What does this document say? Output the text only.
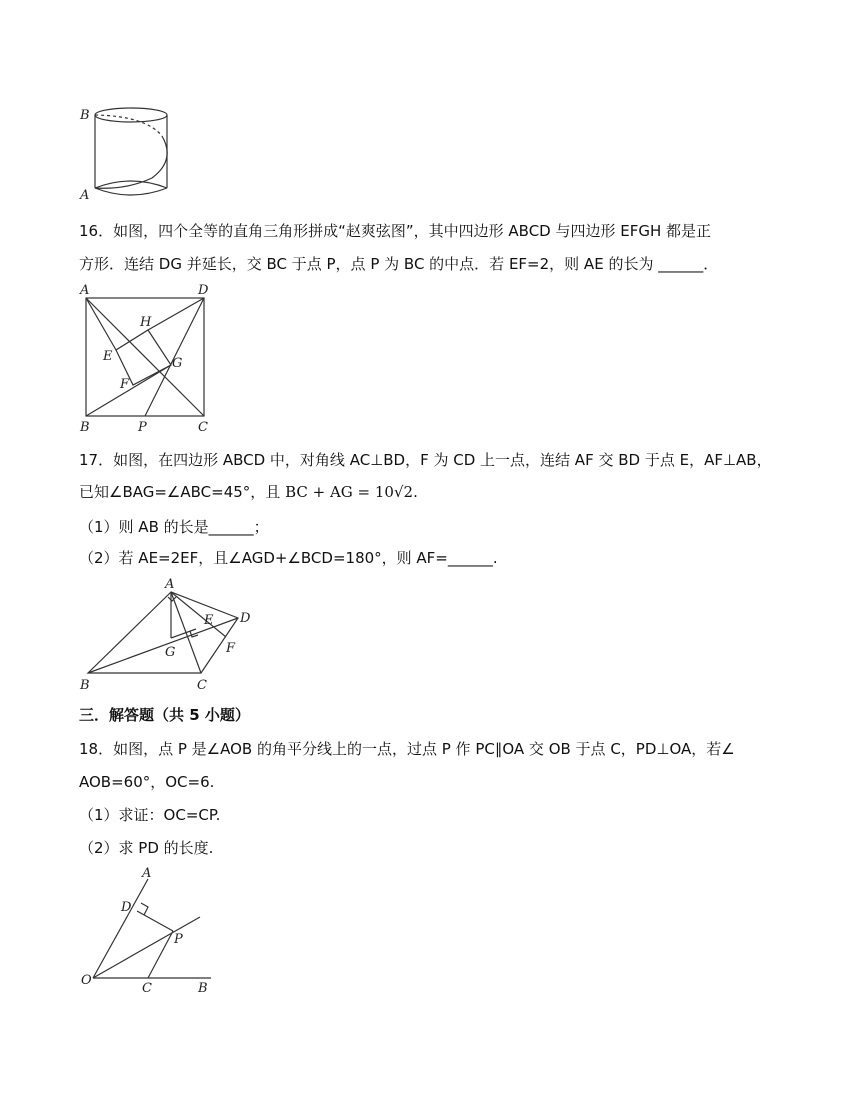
B
A
16．如图，四个全等的直角三角形拼成“赵爽弦图”，其中四边形 ABCD 与四边形 EFGH 都是正
方形．连结 DG 并延长，交 BC 于点 P，点 P 为 BC 的中点．若 EF=2，则 AE 的长为 ______．
A	D
H
E	G
F
B	P	C
17．如图，在四边形 ABCD 中，对角线 AC⊥BD，F 为 CD 上一点，连结 AF 交 BD 于点 E，AF⊥AB，
已知∠BAG=∠ABC=45°，且 BC + AG = 10√2.
（1）则 AB 的长是______；
（2）若 AE=2EF，且∠AGD+∠BCD=180°，则 AF=______.
A
E D
G	F
B	C
三．解答题（共 5 小题）
18．如图，点 P 是∠AOB 的角平分线上的一点，过点 P 作 PC∥OA 交 OB 于点 C，PD⊥OA，若∠
AOB=60°，OC=6.
（1）求证：OC=CP.
（2）求 PD 的长度.
A
D
P
O
C	B
